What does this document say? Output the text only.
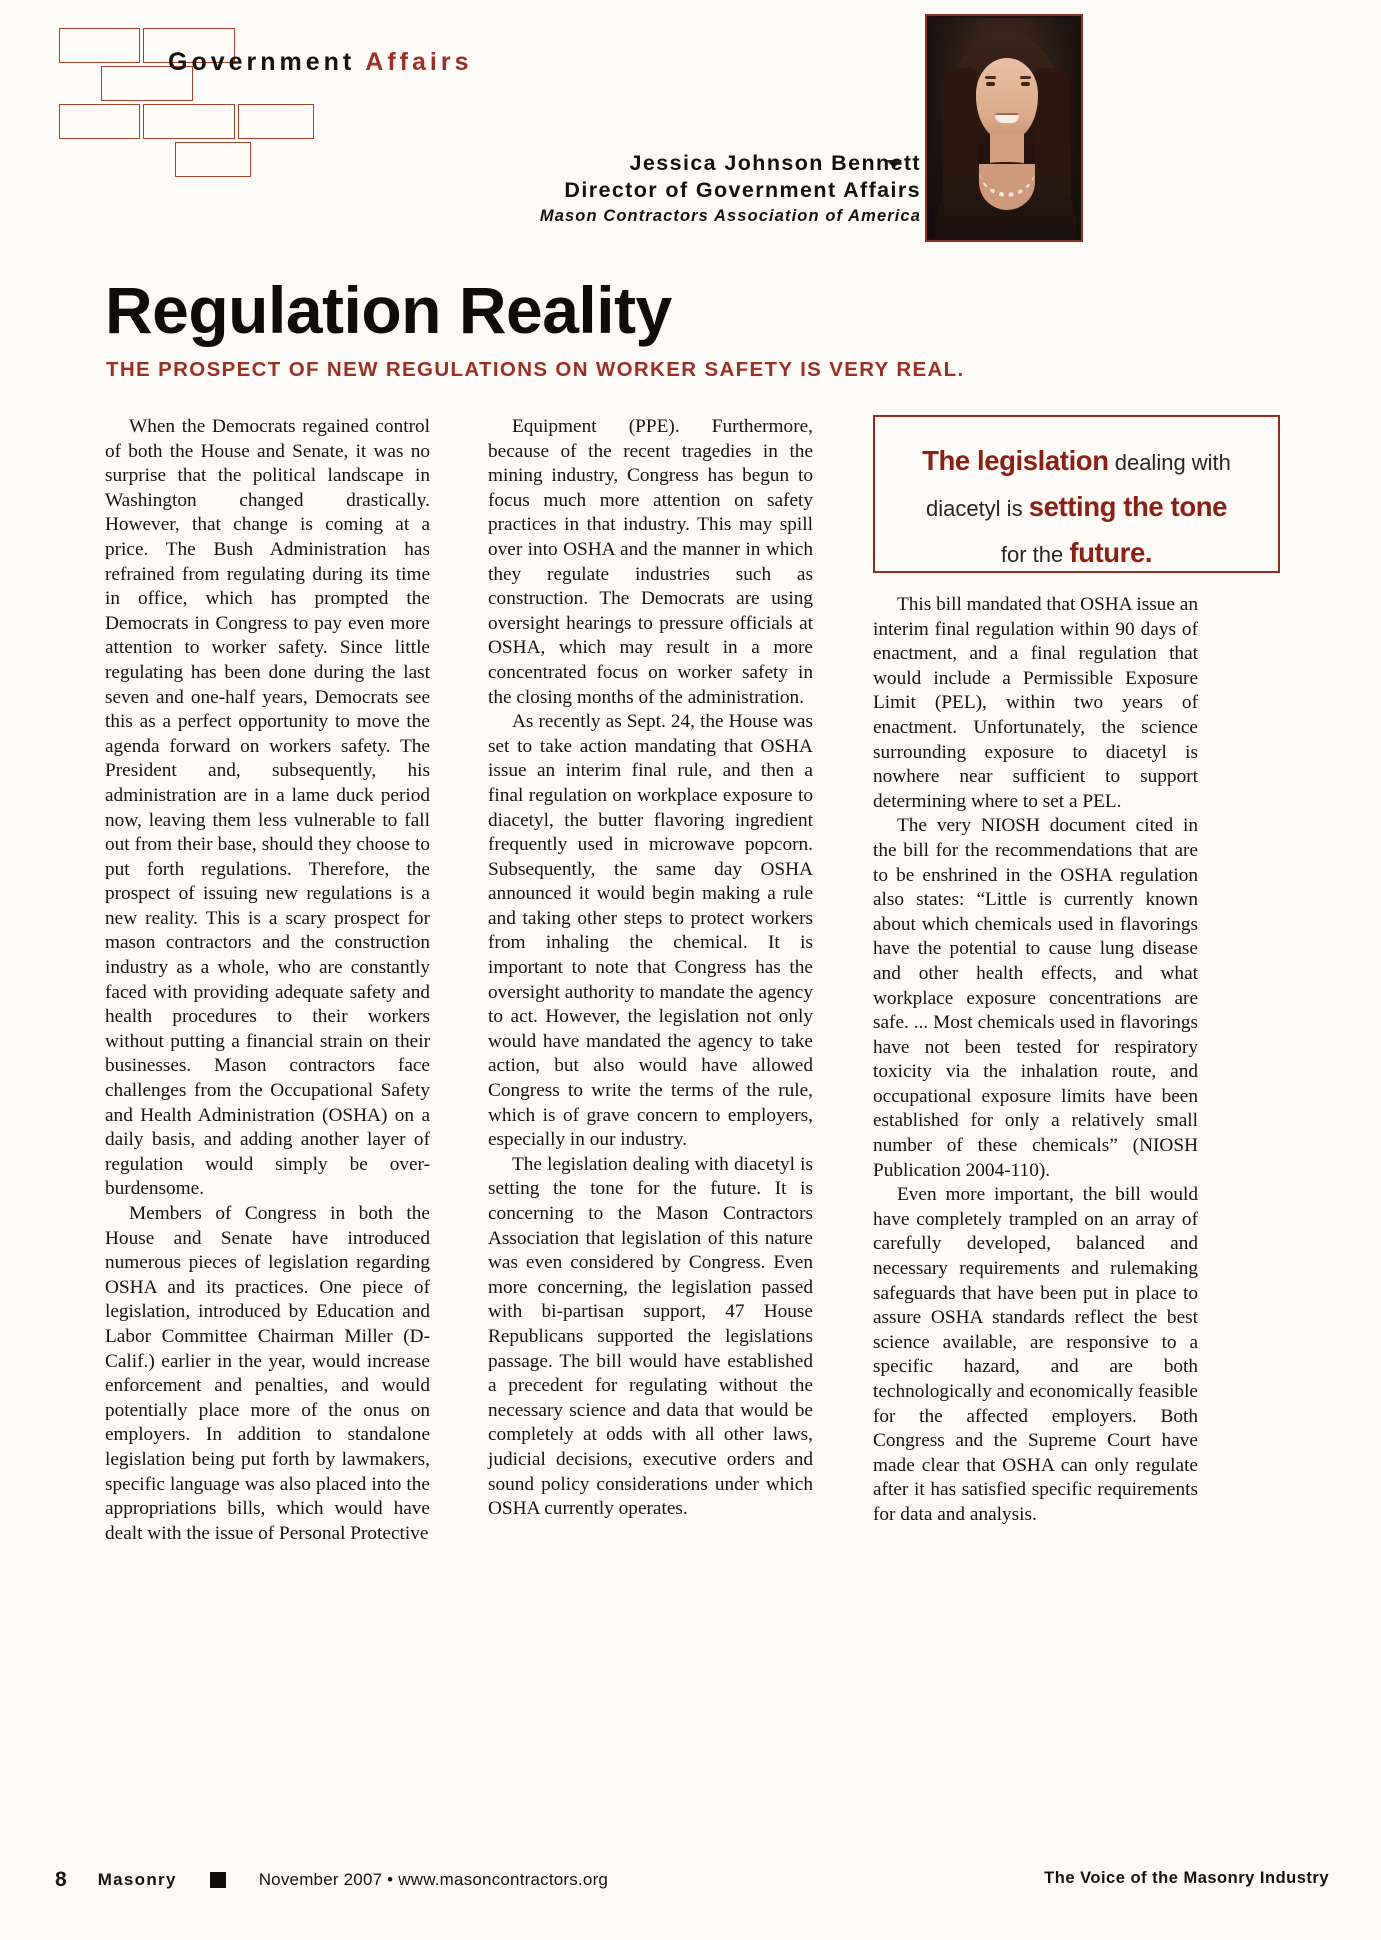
Government Affairs
Jessica Johnson Bennett
Director of Government Affairs
Mason Contractors Association of America
Regulation Reality
THE PROSPECT OF NEW REGULATIONS ON WORKER SAFETY IS VERY REAL.
The legislation dealing with
diacetyl is setting the tone
for the future.

When the Democrats regained control of both the House and Senate, it was no surprise that the political landscape in Washington changed drastically. However, that change is coming at a price. The Bush Administration has refrained from regulating during its time in office, which has prompted the Democrats in Congress to pay even more attention to worker safety. Since little regulating has been done during the last seven and one-half years, Democrats see this as a perfect opportunity to move the agenda forward on workers safety. The President and, subsequently, his administration are in a lame duck period now, leaving them less vulnerable to fall out from their base, should they choose to put forth regulations. Therefore, the prospect of issuing new regulations is a new reality. This is a scary prospect for mason contractors and the construction industry as a whole, who are constantly faced with providing adequate safety and health procedures to their workers without putting a financial strain on their businesses. Mason contractors face challenges from the Occupational Safety and Health Administration (OSHA) on a daily basis, and adding another layer of regulation would simply be over-burdensome.

Members of Congress in both the House and Senate have introduced numerous pieces of legislation regarding OSHA and its practices. One piece of legislation, introduced by Education and Labor Committee Chairman Miller (D-Calif.) earlier in the year, would increase enforcement and penalties, and would potentially place more of the onus on employers. In addition to standalone legislation being put forth by lawmakers, specific language was also placed into the appropriations bills, which would have dealt with the issue of Personal Protective

Equipment (PPE). Furthermore, because of the recent tragedies in the mining industry, Congress has begun to focus much more attention on safety practices in that industry. This may spill over into OSHA and the manner in which they regulate industries such as construction. The Democrats are using oversight hearings to pressure officials at OSHA, which may result in a more concentrated focus on worker safety in the closing months of the administration.

As recently as Sept. 24, the House was set to take action mandating that OSHA issue an interim final rule, and then a final regulation on workplace exposure to diacetyl, the butter flavoring ingredient frequently used in microwave popcorn. Subsequently, the same day OSHA announced it would begin making a rule and taking other steps to protect workers from inhaling the chemical. It is important to note that Congress has the oversight authority to mandate the agency to act. However, the legislation not only would have mandated the agency to take action, but also would have allowed Congress to write the terms of the rule, which is of grave concern to employers, especially in our industry.

The legislation dealing with diacetyl is setting the tone for the future. It is concerning to the Mason Contractors Association that legislation of this nature was even considered by Congress. Even more concerning, the legislation passed with bi-partisan support, 47 House Republicans supported the legislations passage. The bill would have established a precedent for regulating without the necessary science and data that would be completely at odds with all other laws, judicial decisions, executive orders and sound policy considerations under which OSHA currently operates.

This bill mandated that OSHA issue an interim final regulation within 90 days of enactment, and a final regulation that would include a Permissible Exposure Limit (PEL), within two years of enactment. Unfortunately, the science surrounding exposure to diacetyl is nowhere near sufficient to support determining where to set a PEL.

The very NIOSH document cited in the bill for the recommendations that are to be enshrined in the OSHA regulation also states: “Little is currently known about which chemicals used in flavorings have the potential to cause lung disease and other health effects, and what workplace exposure concentrations are safe. ... Most chemicals used in flavorings have not been tested for respiratory toxicity via the inhalation route, and occupational exposure limits have been established for only a relatively small number of these chemicals” (NIOSH Publication 2004-110).

Even more important, the bill would have completely trampled on an array of carefully developed, balanced and necessary requirements and rulemaking safeguards that have been put in place to assure OSHA standards reflect the best science available, are responsive to a specific hazard, and are both technologically and economically feasible for the affected employers. Both Congress and the Supreme Court have made clear that OSHA can only regulate after it has satisfied specific requirements for data and analysis.

8 Masonry	November 2007 • www.masoncontractors.org	The Voice of the Masonry Industry
